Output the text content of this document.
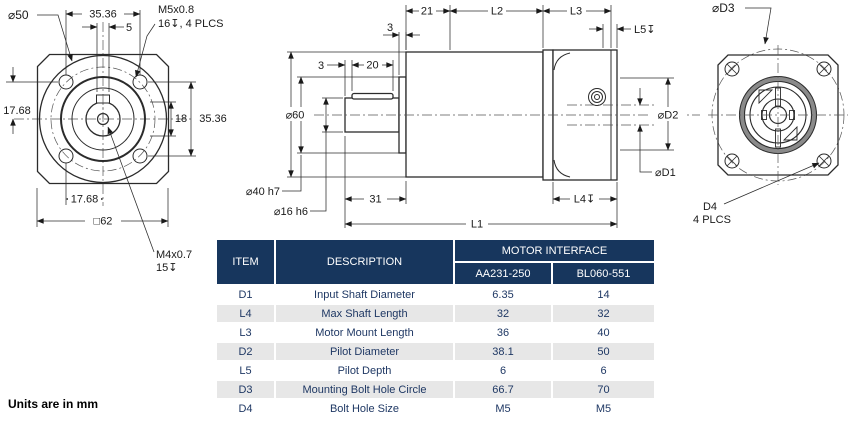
35.36
5
17.68
18 35.36
17.68
□62
⌀50	M5x0.8
16↧, 4 PLCS
M4x0.7
15↧
21	L2	L3
L5↧
3
3	20
⌀60
⌀40 h7
⌀16 h6
31	L4↧
L1
⌀D2
⌀D1
⌀D3
D4
4 PLCS
ITEM	DESCRIPTION	MOTOR INTERFACE	
		AA231-250	BL060-551
D1	Input Shaft Diameter	6.35	14
L4	Max Shaft Length	32	32
L3	Motor Mount Length	36	40
D2	Pilot Diameter	38.1	50
L5	Pilot Depth	6	6
D3	Mounting Bolt Hole Circle	66.7	70
D4	Bolt Hole Size	M5	M5
Units are in mm
